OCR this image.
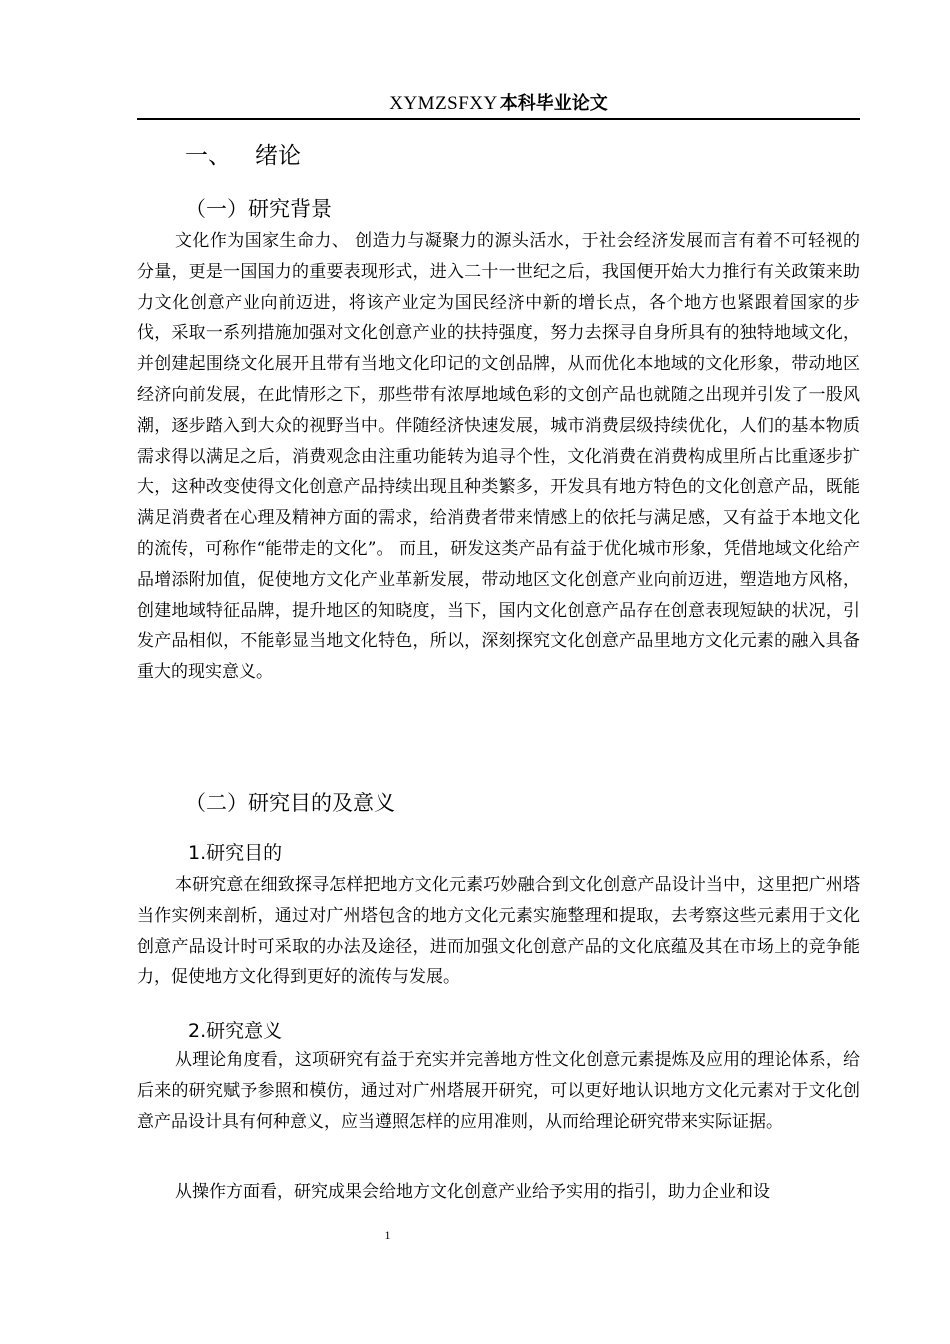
XYMZSFXY 本科毕业论文
一、 绪论
（一）研究背景

文化作为国家生命力、 创造力与凝聚力的源头活水，于社会经济发展而言有着不可轻视的分量，更是一国国力的重要表现形式，进入二十一世纪之后，我国便开始大力推行有关政策来助力文化创意产业向前迈进，将该产业定为国民经济中新的增长点，各个地方也紧跟着国家的步伐，采取一系列措施加强对文化创意产业的扶持强度，努力去探寻自身所具有的独特地域文化，并创建起围绕文化展开且带有当地文化印记的文创品牌，从而优化本地域的文化形象，带动地区经济向前发展，在此情形之下，那些带有浓厚地域色彩的文创产品也就随之出现并引发了一股风潮，逐步踏入到大众的视野当中。伴随经济快速发展，城市消费层级持续优化，人们的基本物质需求得以满足之后，消费观念由注重功能转为追寻个性，文化消费在消费构成里所占比重逐步扩大，这种改变使得文化创意产品持续出现且种类繁多，开发具有地方特色的文化创意产品，既能满足消费者在心理及精神方面的需求，给消费者带来情感上的依托与满足感，又有益于本地文化的流传，可称作“能带走的文化”。 而且，研发这类产品有益于优化城市形象，凭借地域文化给产品增添附加值，促使地方文化产业革新发展，带动地区文化创意产业向前迈进，塑造地方风格，创建地域特征品牌，提升地区的知晓度，当下，国内文化创意产品存在创意表现短缺的状况，引发产品相似，不能彰显当地文化特色，所以，深刻探究文化创意产品里地方文化元素的融入具备重大的现实意义。

（二）研究目的及意义
1.研究目的

本研究意在细致探寻怎样把地方文化元素巧妙融合到文化创意产品设计当中，这里把广州塔当作实例来剖析，通过对广州塔包含的地方文化元素实施整理和提取，去考察这些元素用于文化创意产品设计时可采取的办法及途径，进而加强文化创意产品的文化底蕴及其在市场上的竞争能力，促使地方文化得到更好的流传与发展。

2.研究意义

从理论角度看，这项研究有益于充实并完善地方性文化创意元素提炼及应用的理论体系，给后来的研究赋予参照和模仿，通过对广州塔展开研究，可以更好地认识地方文化元素对于文化创意产品设计具有何种意义，应当遵照怎样的应用准则，从而给理论研究带来实际证据。

从操作方面看，研究成果会给地方文化创意产业给予实用的指引，助力企业和设

1
